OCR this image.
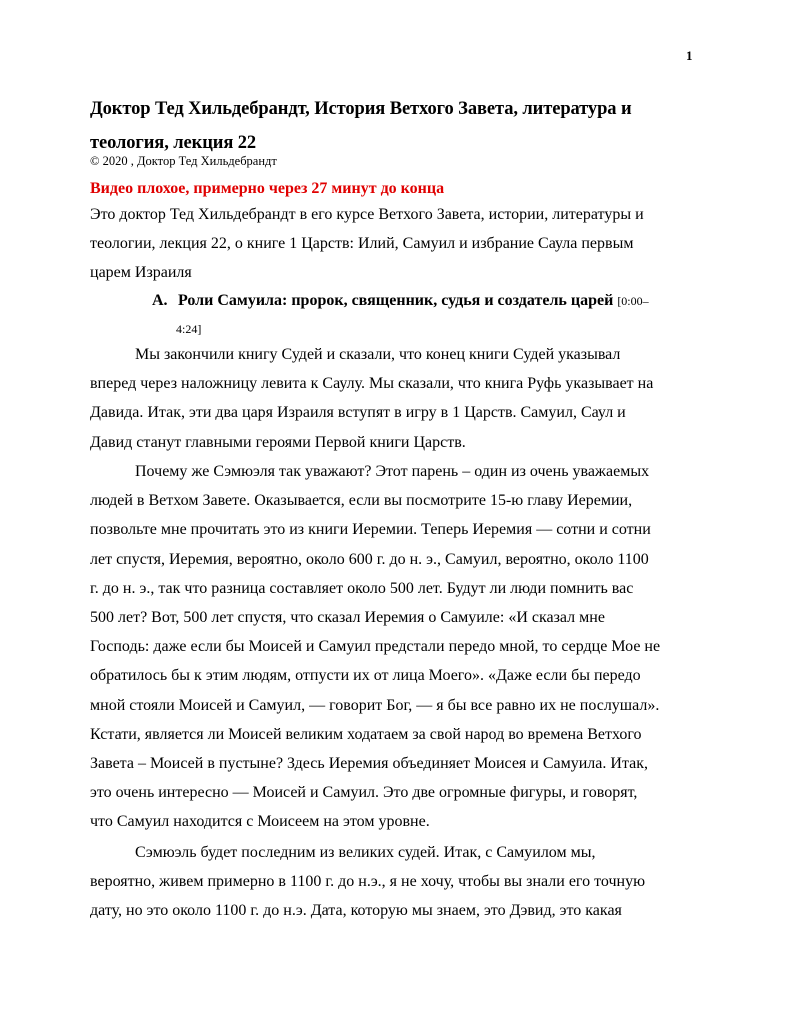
1
Доктор Тед Хильдебрандт, История Ветхого Завета, литература и
теология, лекция 22
© 2020 , Доктор Тед Хильдебрандт
Видео плохое, примерно через 27 минут до конца
Это доктор Тед Хильдебрандт в его курсе Ветхого Завета, истории, литературы и
теологии, лекция 22, о книге 1 Царств: Илий, Самуил и избрание Саула первым
царем Израиля
A. Роли Самуила: пророк, священник, судья и создатель царей [0:00–
4:24]
Мы закончили книгу Судей и сказали, что конец книги Судей указывал
вперед через наложницу левита к Саулу. Мы сказали, что книга Руфь указывает на
Давида. Итак, эти два царя Израиля вступят в игру в 1 Царств. Самуил, Саул и
Давид станут главными героями Первой книги Царств.
Почему же Сэмюэля так уважают? Этот парень – один из очень уважаемых
людей в Ветхом Завете. Оказывается, если вы посмотрите 15-ю главу Иеремии,
позвольте мне прочитать это из книги Иеремии. Теперь Иеремия — сотни и сотни
лет спустя, Иеремия, вероятно, около 600 г. до н. э., Самуил, вероятно, около 1100
г. до н. э., так что разница составляет около 500 лет. Будут ли люди помнить вас
500 лет? Вот, 500 лет спустя, что сказал Иеремия о Самуиле: «И сказал мне
Господь: даже если бы Моисей и Самуил предстали передо мной, то сердце Мое не
обратилось бы к этим людям, отпусти их от лица Моего». «Даже если бы передо
мной стояли Моисей и Самуил, — говорит Бог, — я бы все равно их не послушал».
Кстати, является ли Моисей великим ходатаем за свой народ во времена Ветхого
Завета – Моисей в пустыне? Здесь Иеремия объединяет Моисея и Самуила. Итак,
это очень интересно — Моисей и Самуил. Это две огромные фигуры, и говорят,
что Самуил находится с Моисеем на этом уровне.
Сэмюэль будет последним из великих судей. Итак, с Самуилом мы,
вероятно, живем примерно в 1100 г. до н.э., я не хочу, чтобы вы знали его точную
дату, но это около 1100 г. до н.э. Дата, которую мы знаем, это Дэвид, это какая
